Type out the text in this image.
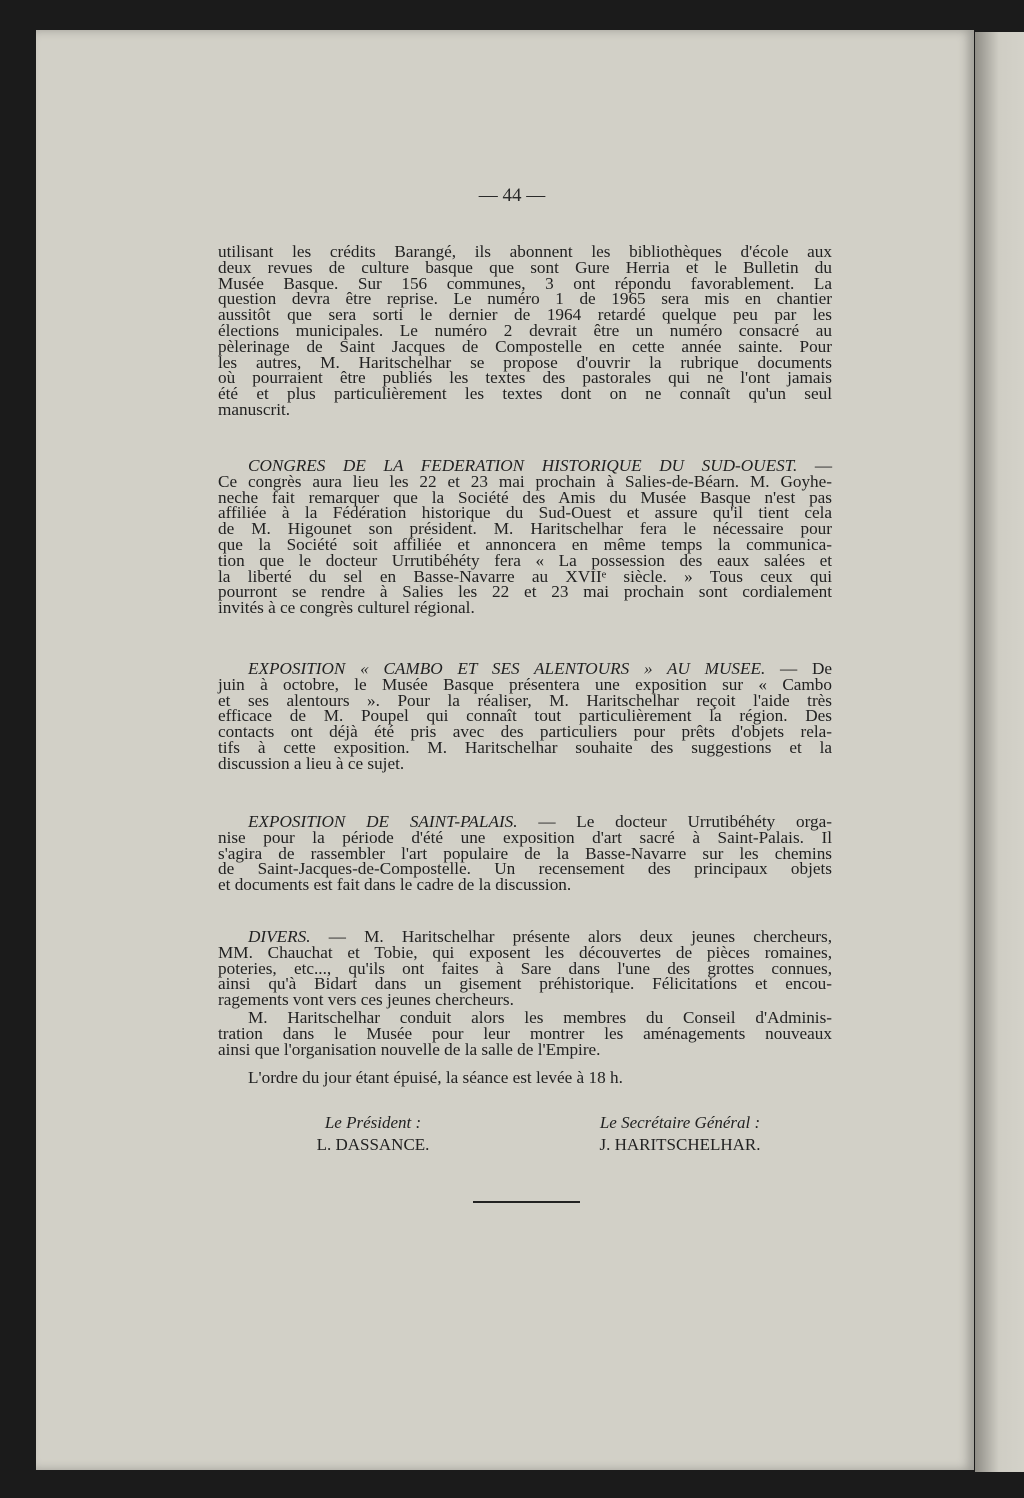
— 44 —
utilisant les crédits Barangé, ils abonnent les bibliothèques d'école aux
deux revues de culture basque que sont Gure Herria et le Bulletin du
Musée Basque. Sur 156 communes, 3 ont répondu favorablement. La
question devra être reprise. Le numéro 1 de 1965 sera mis en chantier
aussitôt que sera sorti le dernier de 1964 retardé quelque peu par les
élections municipales. Le numéro 2 devrait être un numéro consacré au
pèlerinage de Saint Jacques de Compostelle en cette année sainte. Pour
les autres, M. Haritschelhar se propose d'ouvrir la rubrique documents
où pourraient être publiés les textes des pastorales qui ne l'ont jamais
été et plus particulièrement les textes dont on ne connaît qu'un seul
manuscrit.
CONGRES DE LA FEDERATION HISTORIQUE DU SUD-OUEST. —
Ce congrès aura lieu les 22 et 23 mai prochain à Salies-de-Béarn. M. Goyhe-
neche fait remarquer que la Société des Amis du Musée Basque n'est pas
affiliée à la Fédération historique du Sud-Ouest et assure qu'il tient cela
de M. Higounet son président. M. Haritschelhar fera le nécessaire pour
que la Société soit affiliée et annoncera en même temps la communica-
tion que le docteur Urrutibéhéty fera « La possession des eaux salées et
la liberté du sel en Basse-Navarre au XVIIᵉ siècle. » Tous ceux qui
pourront se rendre à Salies les 22 et 23 mai prochain sont cordialement
invités à ce congrès culturel régional.
EXPOSITION « CAMBO ET SES ALENTOURS » AU MUSEE. — De
juin à octobre, le Musée Basque présentera une exposition sur « Cambo
et ses alentours ». Pour la réaliser, M. Haritschelhar reçoit l'aide très
efficace de M. Poupel qui connaît tout particulièrement la région. Des
contacts ont déjà été pris avec des particuliers pour prêts d'objets rela-
tifs à cette exposition. M. Haritschelhar souhaite des suggestions et la
discussion a lieu à ce sujet.
EXPOSITION DE SAINT-PALAIS. — Le docteur Urrutibéhéty orga-
nise pour la période d'été une exposition d'art sacré à Saint-Palais. Il
s'agira de rassembler l'art populaire de la Basse-Navarre sur les chemins
de Saint-Jacques-de-Compostelle. Un recensement des principaux objets
et documents est fait dans le cadre de la discussion.
DIVERS. — M. Haritschelhar présente alors deux jeunes chercheurs,
MM. Chauchat et Tobie, qui exposent les découvertes de pièces romaines,
poteries, etc..., qu'ils ont faites à Sare dans l'une des grottes connues,
ainsi qu'à Bidart dans un gisement préhistorique. Félicitations et encou-
ragements vont vers ces jeunes chercheurs.
M. Haritschelhar conduit alors les membres du Conseil d'Adminis-
tration dans le Musée pour leur montrer les aménagements nouveaux
ainsi que l'organisation nouvelle de la salle de l'Empire.
L'ordre du jour étant épuisé, la séance est levée à 18 h.
Le Président :
L. DASSANCE.
Le Secrétaire Général :
J. HARITSCHELHAR.
